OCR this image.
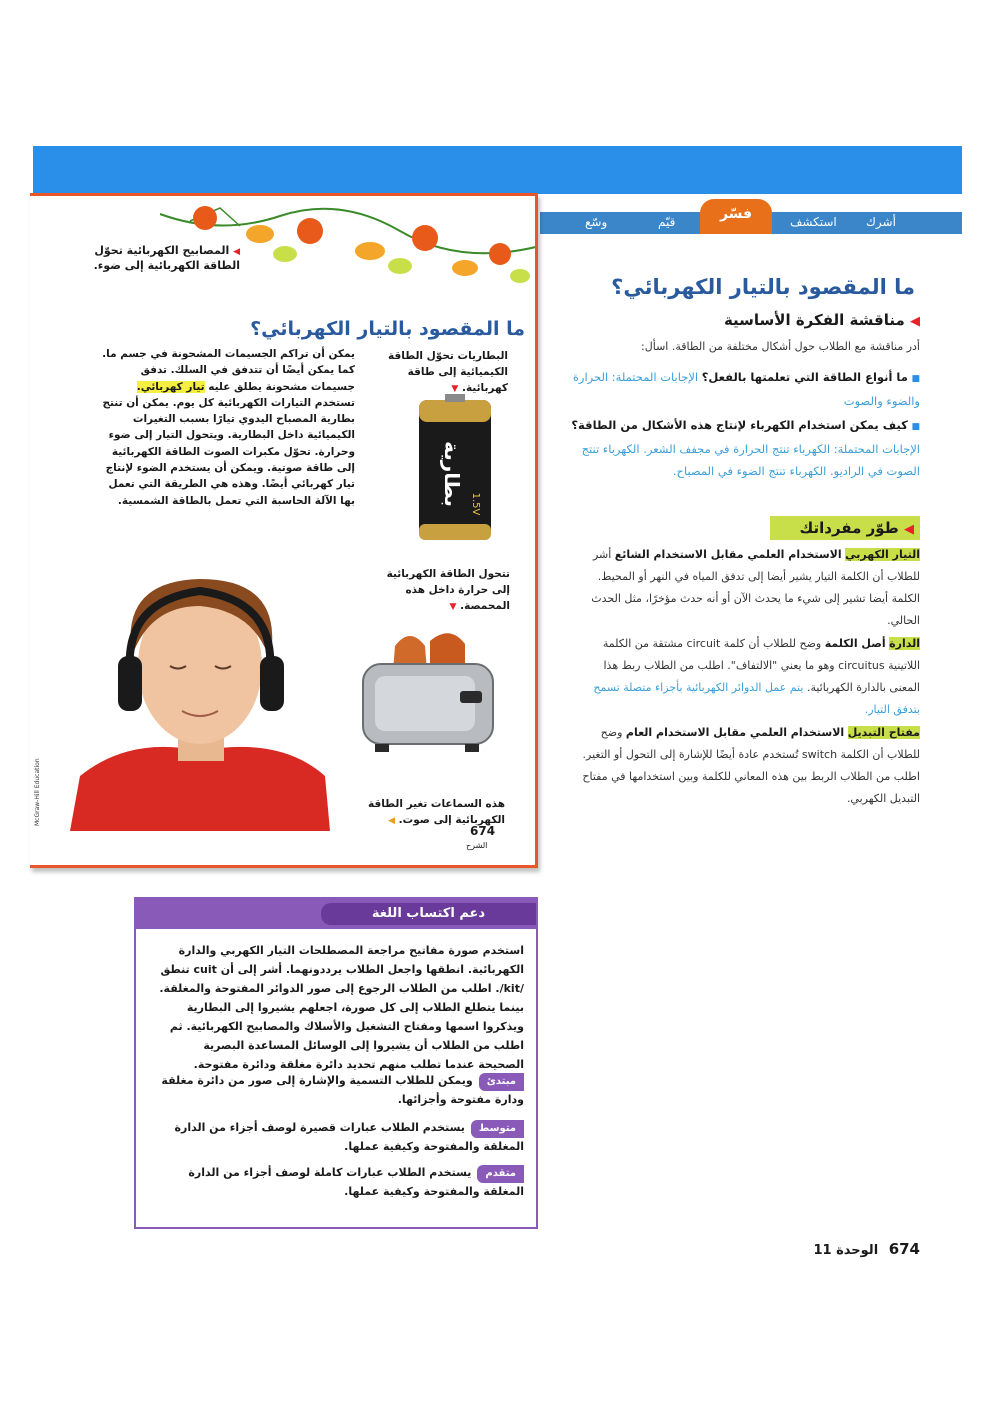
أشرك
استكشف
فسّر
قيّم
وسّع
◀ المصابيح الكهربائية تحوّل الطاقة الكهربائية إلى ضوء.
ما المقصود بالتيار الكهربائي؟
يمكن أن تراكم الجسيمات المشحونة في جسم ما. كما يمكن أيضًا أن تتدفق في السلك. تدفق جسيمات مشحونة يطلق عليه تيار كهربائي. تستخدم التيارات الكهربائية كل يوم. يمكن أن تنتج بطارية المصباح اليدوي تيارًا بسبب التغيرات الكيميائية داخل البطارية. ويتحول التيار إلى ضوء وحرارة. تحوّل مكبرات الصوت الطاقة الكهربائية إلى طاقة صوتية. ويمكن أن يستخدم الضوء لإنتاج تيار كهربائي أيضًا. وهذه هي الطريقة التي تعمل بها الآلة الحاسبة التي تعمل بالطاقة الشمسية.
البطاريات تحوّل الطاقة الكيميائية إلى طاقة كهربائية. ▼
بطارية 1.5V
تتحول الطاقة الكهربائية إلى حرارة داخل هذه المحمصة. ▼
هذه السماعات تغير الطاقة الكهربائية إلى صوت. ◀
674
الشرح
McGraw-Hill Education
ما المقصود بالتيار الكهربائي؟
◀ مناقشة الفكرة الأساسية
أدر مناقشة مع الطلاب حول أشكال مختلفة من الطاقة. اسأل:
■ ما أنواع الطاقة التي تعلمتها بالفعل؟ الإجابات المحتملة: الحرارة والضوء والصوت
■ كيف يمكن استخدام الكهرباء لإنتاج هذه الأشكال من الطاقة؟ الإجابات المحتملة: الكهرباء تنتج الحرارة في مجفف الشعر. الكهرباء تنتج الصوت في الراديو. الكهرباء تنتج الضوء في المصباح.
◀ طوّر مفرداتك
التيار الكهربي الاستخدام العلمي مقابل الاستخدام الشائع أشر للطلاب أن الكلمة التيار يشير أيضا إلى تدفق المياه في النهر أو المحيط. الكلمة أيضا تشير إلى شيء ما يحدث الآن أو أنه حدث مؤخرًا، مثل الحدث الحالي.
الدارة أصل الكلمة وضح للطلاب أن كلمة circuit مشتقة من الكلمة اللاتينية circuitus وهو ما يعني "الالتفاف". اطلب من الطلاب ربط هذا المعنى بالدارة الكهربائية. يتم عمل الدوائر الكهربائية بأجزاء متصلة تسمح بتدفق التيار.
مفتاح التبديل الاستخدام العلمي مقابل الاستخدام العام وضح للطلاب أن الكلمة switch تُستخدم عادة أيضًا للإشارة إلى التحول أو التغير. اطلب من الطلاب الربط بين هذه المعاني للكلمة وبين استخدامها في مفتاح التبديل الكهربي.
دعم اكتساب اللغة
استخدم صورة مفاتيح مراجعة المصطلحات التيار الكهربي والدارة الكهربائية. انطقها واجعل الطلاب يرددونهما. أشر إلى أن cuit تنطق /kit/. اطلب من الطلاب الرجوع إلى صور الدوائر المفتوحة والمغلقة. بينما يتطلع الطلاب إلى كل صورة، اجعلهم يشيروا إلى البطارية ويذكروا اسمها ومفتاح التشغيل والأسلاك والمصابيح الكهربائية. ثم اطلب من الطلاب أن يشيروا إلى الوسائل المساعدة البصرية الصحيحة عندما تطلب منهم تحديد دائرة مغلقة ودائرة مفتوحة.
مبتدئويمكن للطلاب التسمية والإشارة إلى صور من دائرة مغلقة ودارة مفتوحة وأجزائها.
متوسطيستخدم الطلاب عبارات قصيرة لوصف أجزاء من الدارة المغلقة والمفتوحة وكيفية عملها.
متقدميستخدم الطلاب عبارات كاملة لوصف أجزاء من الدارة المغلقة والمفتوحة وكيفية عملها.
674 الوحدة 11
